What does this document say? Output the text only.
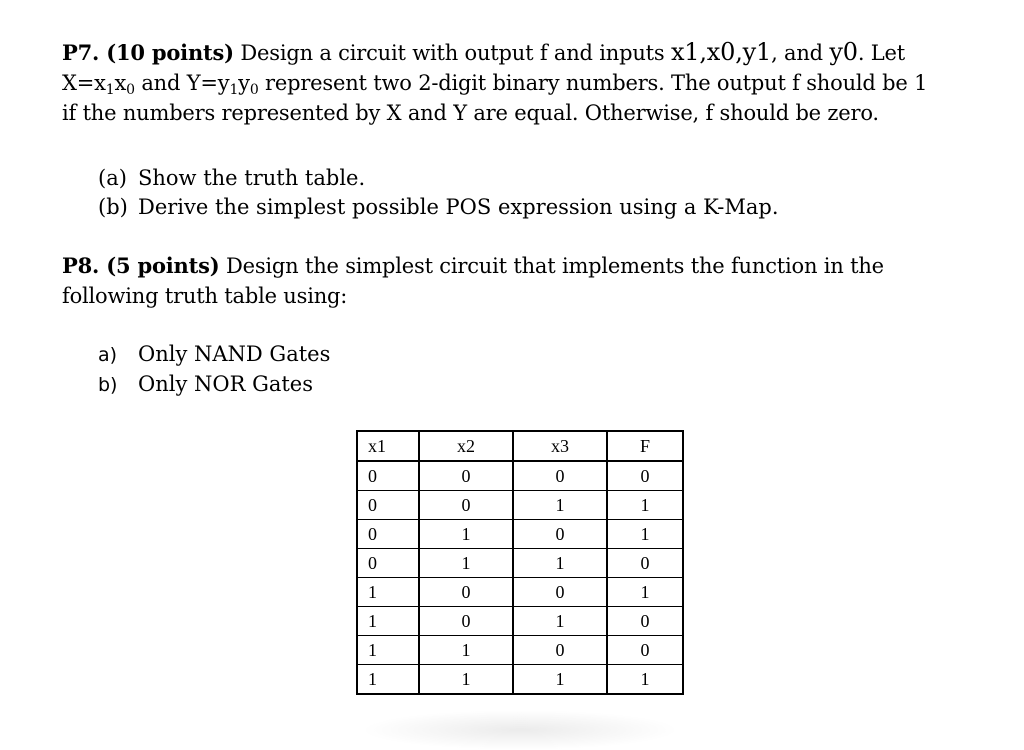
P7. (10 points) Design a circuit with output f and inputs x1,x0,y1, and y0. Let
$X=x_1x_0$ and $Y=y_1y_0$ represent two 2-digit binary numbers. The output f should be 1
if the numbers represented by X and Y are equal. Otherwise, f should be zero.
(a) Show the truth table.
(b) Derive the simplest possible POS expression using a K-Map.
P8. (5 points) Design the simplest circuit that implements the function in the
following truth table using:
a) Only NAND Gates
b) Only NOR Gates
x1	x2	x3	F
0	0	0	0
0	0	1	1
0	1	0	1
0	1	1	0
1	0	0	1
1	0	1	0
1	1	0	0
1	1	1	1
